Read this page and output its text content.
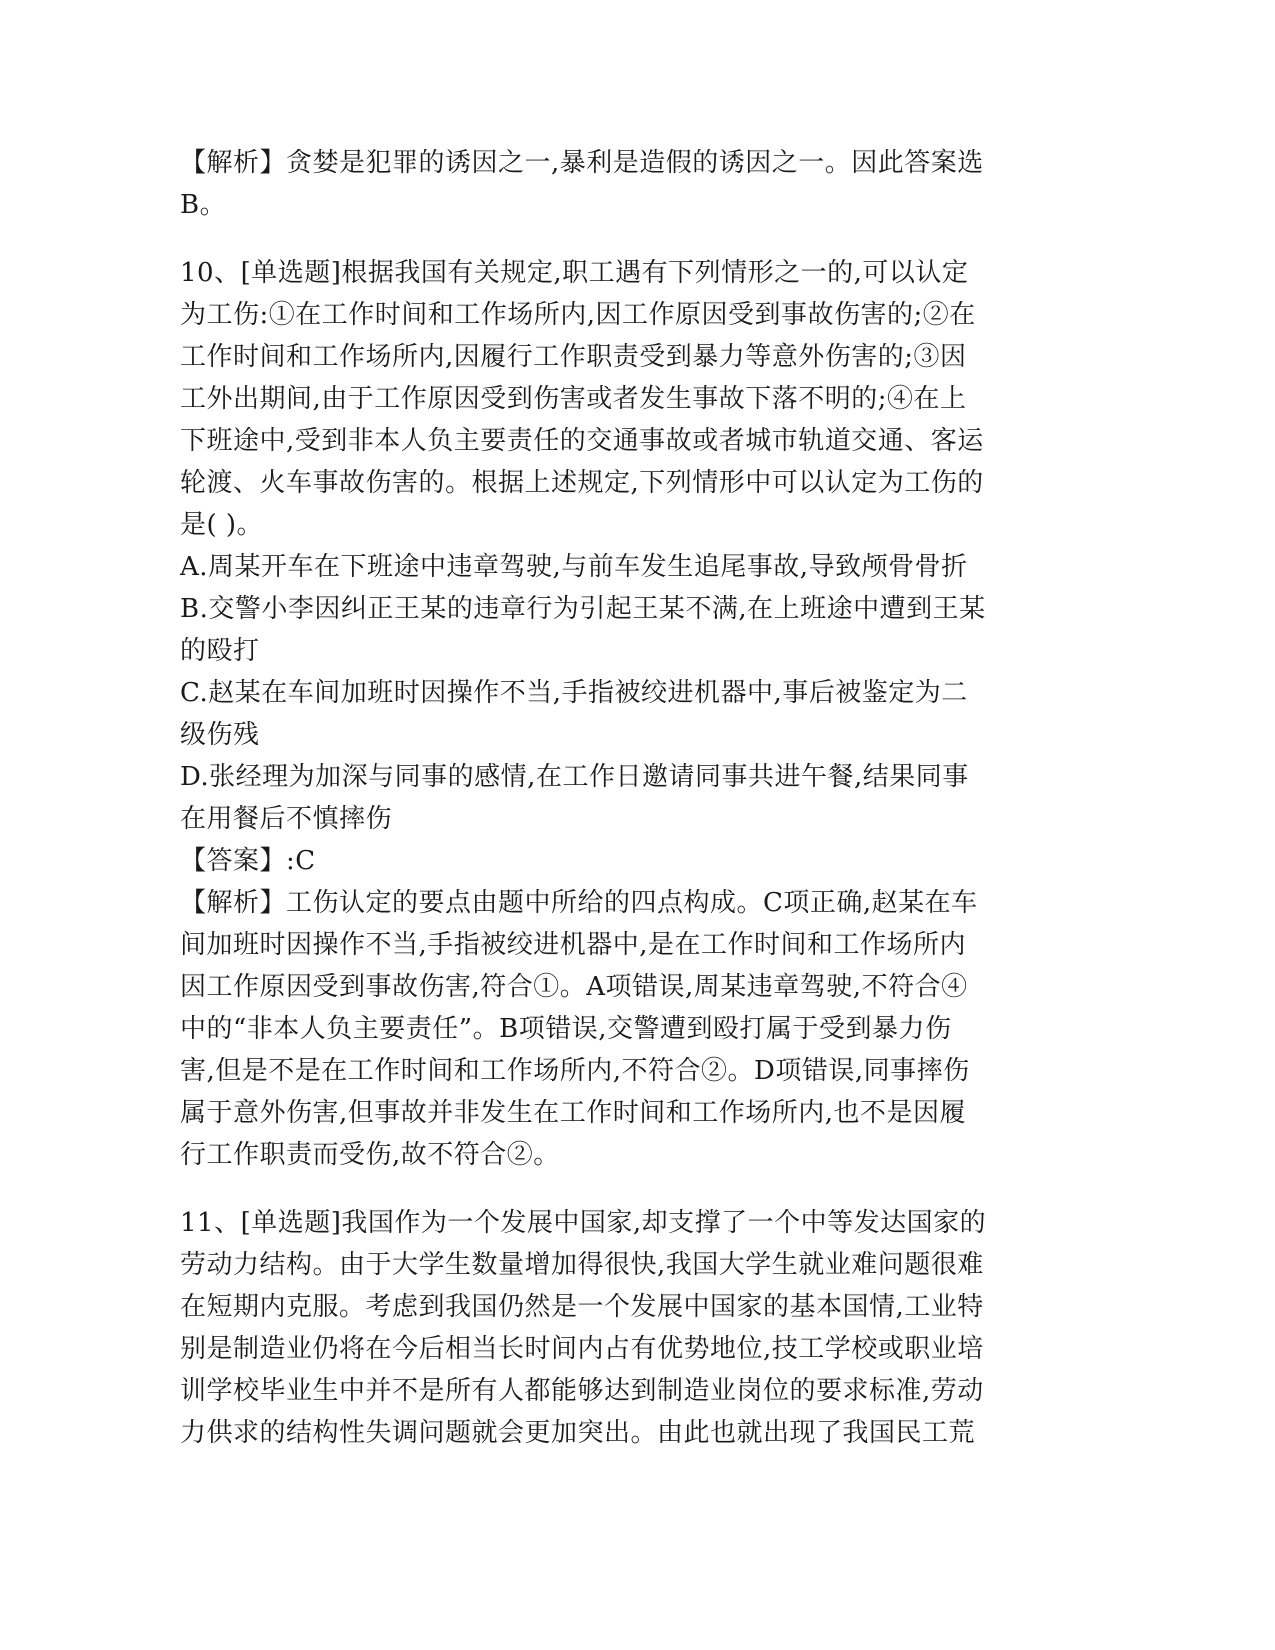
【解析】贪婪是犯罪的诱因之一,暴利是造假的诱因之一。因此答案选
B。
10、[单选题]根据我国有关规定,职工遇有下列情形之一的,可以认定
为工伤:①在工作时间和工作场所内,因工作原因受到事故伤害的;②在
工作时间和工作场所内,因履行工作职责受到暴力等意外伤害的;③因
工外出期间,由于工作原因受到伤害或者发生事故下落不明的;④在上
下班途中,受到非本人负主要责任的交通事故或者城市轨道交通、客运
轮渡、火车事故伤害的。根据上述规定,下列情形中可以认定为工伤的
是( )。
A.周某开车在下班途中违章驾驶,与前车发生追尾事故,导致颅骨骨折
B.交警小李因纠正王某的违章行为引起王某不满,在上班途中遭到王某
的殴打
C.赵某在车间加班时因操作不当,手指被绞进机器中,事后被鉴定为二
级伤残
D.张经理为加深与同事的感情,在工作日邀请同事共进午餐,结果同事
在用餐后不慎摔伤
【答案】:C
【解析】工伤认定的要点由题中所给的四点构成。C项正确,赵某在车
间加班时因操作不当,手指被绞进机器中,是在工作时间和工作场所内
因工作原因受到事故伤害,符合①。A项错误,周某违章驾驶,不符合④
中的“非本人负主要责任”。B项错误,交警遭到殴打属于受到暴力伤
害,但是不是在工作时间和工作场所内,不符合②。D项错误,同事摔伤
属于意外伤害,但事故并非发生在工作时间和工作场所内,也不是因履
行工作职责而受伤,故不符合②。
11、[单选题]我国作为一个发展中国家,却支撑了一个中等发达国家的
劳动力结构。由于大学生数量增加得很快,我国大学生就业难问题很难
在短期内克服。考虑到我国仍然是一个发展中国家的基本国情,工业特
别是制造业仍将在今后相当长时间内占有优势地位,技工学校或职业培
训学校毕业生中并不是所有人都能够达到制造业岗位的要求标准,劳动
力供求的结构性失调问题就会更加突出。由此也就出现了我国民工荒
